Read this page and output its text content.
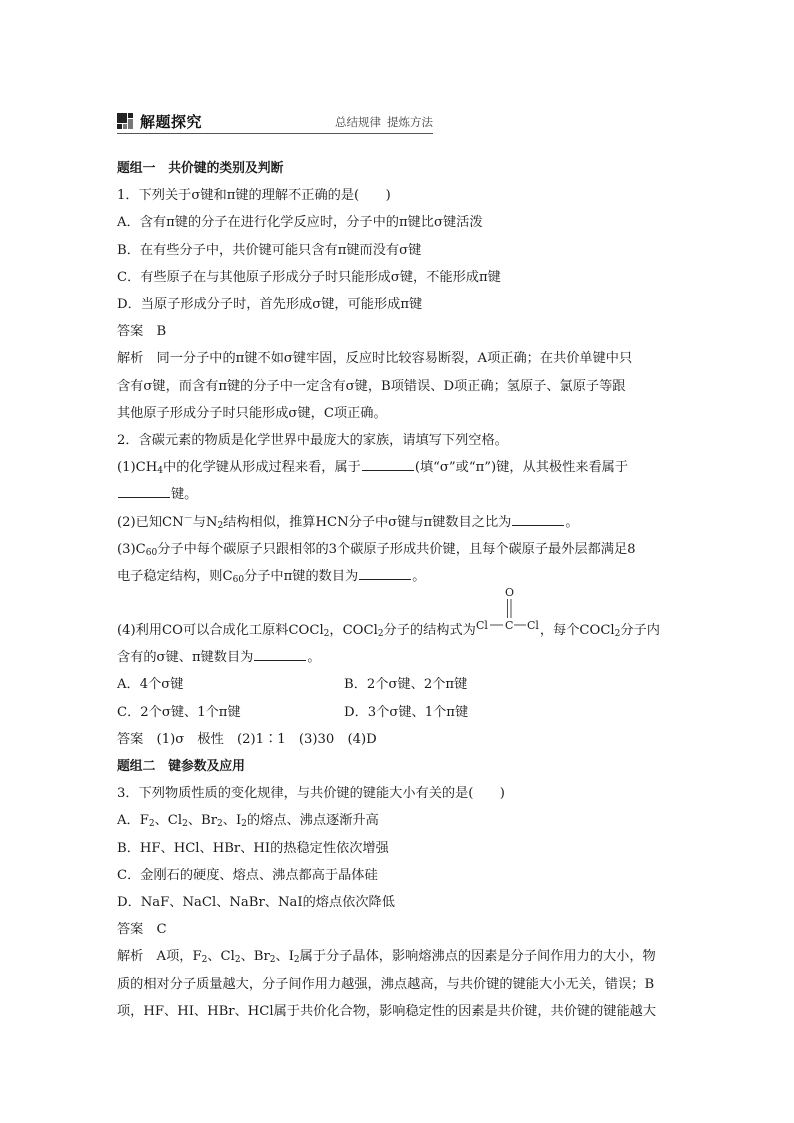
解题探究	总结规律 提炼方法
题组一　共价键的类别及判断
1．下列关于σ键和π键的理解不正确的是(　　)
A．含有π键的分子在进行化学反应时，分子中的π键比σ键活泼
B．在有些分子中，共价键可能只含有π键而没有σ键
C．有些原子在与其他原子形成分子时只能形成σ键，不能形成π键
D．当原子形成分子时，首先形成σ键，可能形成π键
答案　B
解析　同一分子中的π键不如σ键牢固，反应时比较容易断裂，A项正确；在共价单键中只
含有σ键，而含有π键的分子中一定含有σ键，B项错误、D项正确；氢原子、氯原子等跟
其他原子形成分子时只能形成σ键，C项正确。
2．含碳元素的物质是化学世界中最庞大的家族，请填写下列空格。
$(1)CH_4$中的化学键从形成过程来看，属于	(填“σ”或“π”)键，从其极性来看属于
键。
(2)已知CN－与$N_2$结构相似，推算HCN分子中σ键与π键数目之比为	。
$(3)C_{60}$分子中每个碳原子只跟相邻的3个碳原子形成共价键，且每个碳原子最外层都满足8
电子稳定结构，则$C_{60}$分子中π键的数目为	。
(4)利用CO可以合成化工原料COCl$_2$，COCl$_2$分子的结构式为
O
Cl C Cl ，每个COCl$_2$分子内
含有的σ键、π键数目为	。
A．4个σ键	B．2个σ键、2个π键
C．2个σ键、1个π键	D．3个σ键、1个π键
答案　(1)σ　极性　(2)1∶1　(3)30　(4)D
题组二　键参数及应用
3．下列物质性质的变化规律，与共价键的键能大小有关的是(　　)
A．$F_2$、$Cl_2$、$Br_2$、$I_2$的熔点、沸点逐渐升高
B．HF、HCl、HBr、HI的热稳定性依次增强
C．金刚石的硬度、熔点、沸点都高于晶体硅
D．NaF、NaCl、NaBr、NaI的熔点依次降低
答案　C
解析　A项，$F_2$、$Cl_2$、$Br_2$、$I_2$属于分子晶体，影响熔沸点的因素是分子间作用力的大小，物
质的相对分子质量越大，分子间作用力越强，沸点越高，与共价键的键能大小无关，错误；B
项，HF、HI、HBr、HCl属于共价化合物，影响稳定性的因素是共价键，共价键的键能越大
